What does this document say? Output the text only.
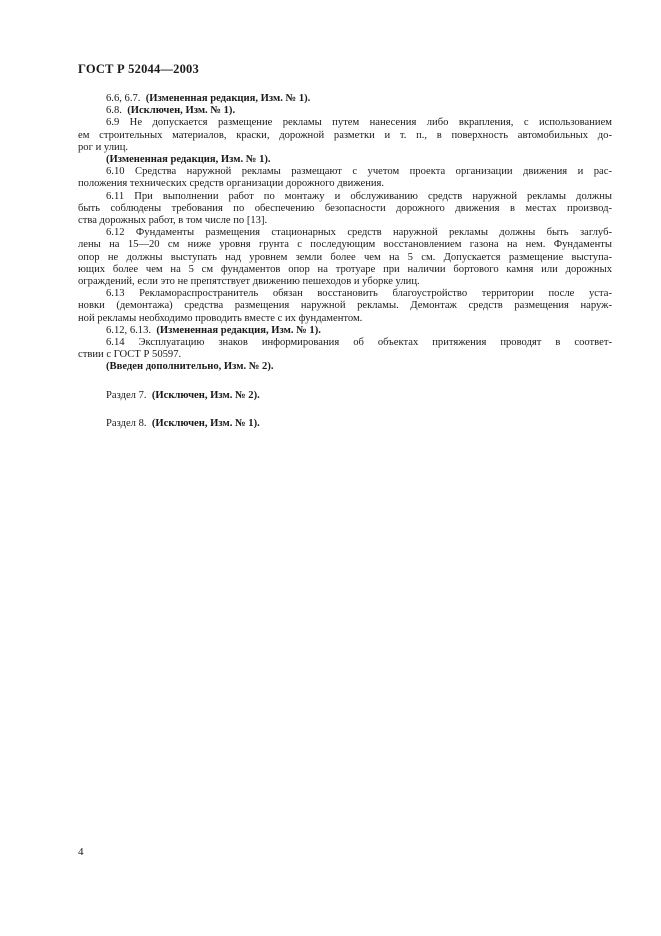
ГОСТ Р 52044—2003

6.6, 6.7. (Измененная редакция, Изм. № 1).

6.8. (Исключен, Изм. № 1).

6.9 Не допускается размещение рекламы путем нанесения либо вкрапления, с использованием

ем строительных материалов, краски, дорожной разметки и т. п., в поверхность автомобильных до-

рог и улиц.

(Измененная редакция, Изм. № 1).

6.10 Средства наружной рекламы размещают с учетом проекта организации движения и рас-

положения технических средств организации дорожного движения.

6.11 При выполнении работ по монтажу и обслуживанию средств наружной рекламы должны

быть соблюдены требования по обеспечению безопасности дорожного движения в местах производ-

ства дорожных работ, в том числе по [13].

6.12 Фундаменты размещения стационарных средств наружной рекламы должны быть заглуб-

лены на 15—20 см ниже уровня грунта с последующим восстановлением газона на нем. Фундаменты

опор не должны выступать над уровнем земли более чем на 5 см. Допускается размещение выступа-

ющих более чем на 5 см фундаментов опор на тротуаре при наличии бортового камня или дорожных

ограждений, если это не препятствует движению пешеходов и уборке улиц.

6.13 Рекламораспространитель обязан восстановить благоустройство территории после уста-

новки (демонтажа) средства размещения наружной рекламы. Демонтаж средств размещения наруж-

ной рекламы необходимо проводить вместе с их фундаментом.

6.12, 6.13. (Измененная редакция, Изм. № 1).

6.14 Эксплуатацию знаков информирования об объектах притяжения проводят в соответ-

ствии с ГОСТ Р 50597.

(Введен дополнительно, Изм. № 2).

Раздел 7. (Исключен, Изм. № 2).

Раздел 8. (Исключен, Изм. № 1).

4
